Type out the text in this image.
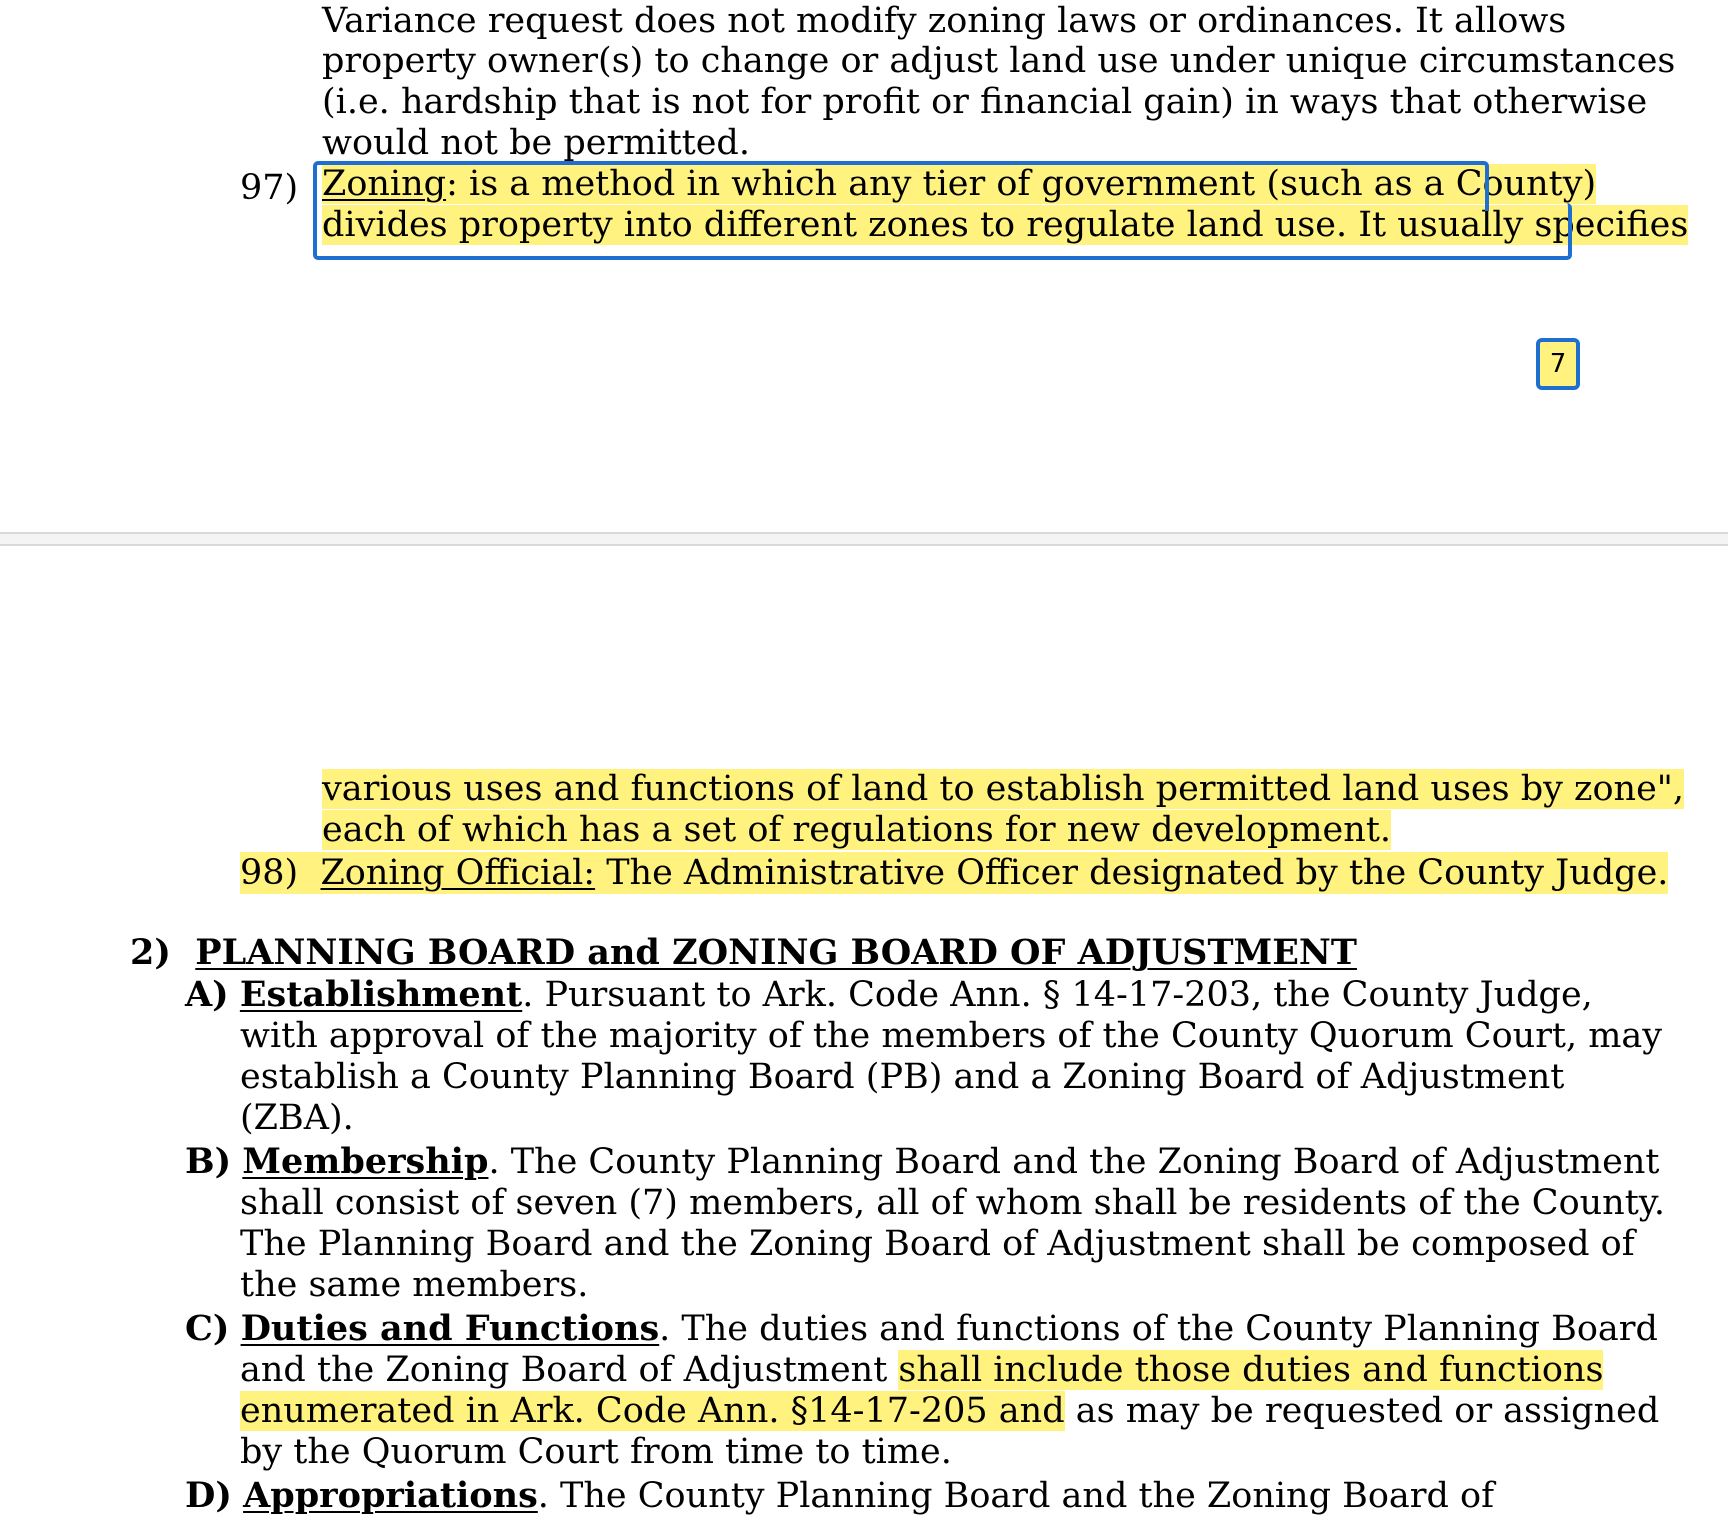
Variance request does not modify zoning laws or ordinances. It allows
property owner(s) to change or adjust land use under unique circumstances
(i.e. hardship that is not for profit or financial gain) in ways that otherwise
would not be permitted.
97) Zoning: is a method in which any tier of government (such as a County)
divides property into different zones to regulate land use. It usually specifies
7
various uses and functions of land to establish permitted land uses by zone",
each of which has a set of regulations for new development.
98) Zoning Official: The Administrative Officer designated by the County Judge.
2) PLANNING BOARD and ZONING BOARD OF ADJUSTMENT
A) Establishment. Pursuant to Ark. Code Ann. § 14-17-203, the County Judge,
with approval of the majority of the members of the County Quorum Court, may
establish a County Planning Board (PB) and a Zoning Board of Adjustment
(ZBA).
B) Membership. The County Planning Board and the Zoning Board of Adjustment
shall consist of seven (7) members, all of whom shall be residents of the County.
The Planning Board and the Zoning Board of Adjustment shall be composed of
the same members.
C) Duties and Functions. The duties and functions of the County Planning Board
and the Zoning Board of Adjustment shall include those duties and functions
enumerated in Ark. Code Ann. §14-17-205 and as may be requested or assigned
by the Quorum Court from time to time.
D) Appropriations. The County Planning Board and the Zoning Board of
